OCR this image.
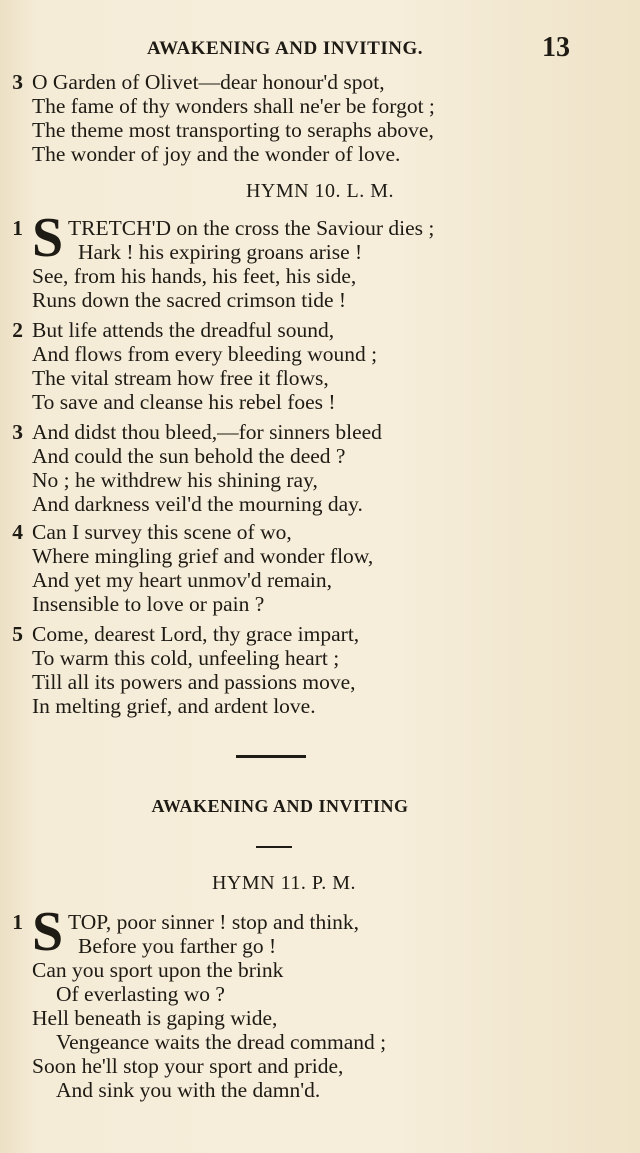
AWAKENING AND INVITING.	13
3 O Garden of Olivet—dear honour'd spot,
The fame of thy wonders shall ne'er be forgot ;
The theme most transporting to seraphs above,
The wonder of joy and the wonder of love.
HYMN 10. L. M.
1 S TRETCH'D on the cross the Saviour dies ;
Hark ! his expiring groans arise !
See, from his hands, his feet, his side,
Runs down the sacred crimson tide !
2 But life attends the dreadful sound,
And flows from every bleeding wound ;
The vital stream how free it flows,
To save and cleanse his rebel foes !
3 And didst thou bleed,—for sinners bleed
And could the sun behold the deed ?
No ; he withdrew his shining ray,
And darkness veil'd the mourning day.
4 Can I survey this scene of wo,
Where mingling grief and wonder flow,
And yet my heart unmov'd remain,
Insensible to love or pain ?
5 Come, dearest Lord, thy grace impart,
To warm this cold, unfeeling heart ;
Till all its powers and passions move,
In melting grief, and ardent love.
AWAKENING AND INVITING
HYMN 11. P. M.
1 S TOP, poor sinner ! stop and think,
Before you farther go !
Can you sport upon the brink
Of everlasting wo ?
Hell beneath is gaping wide,
Vengeance waits the dread command ;
Soon he'll stop your sport and pride,
And sink you with the damn'd.
